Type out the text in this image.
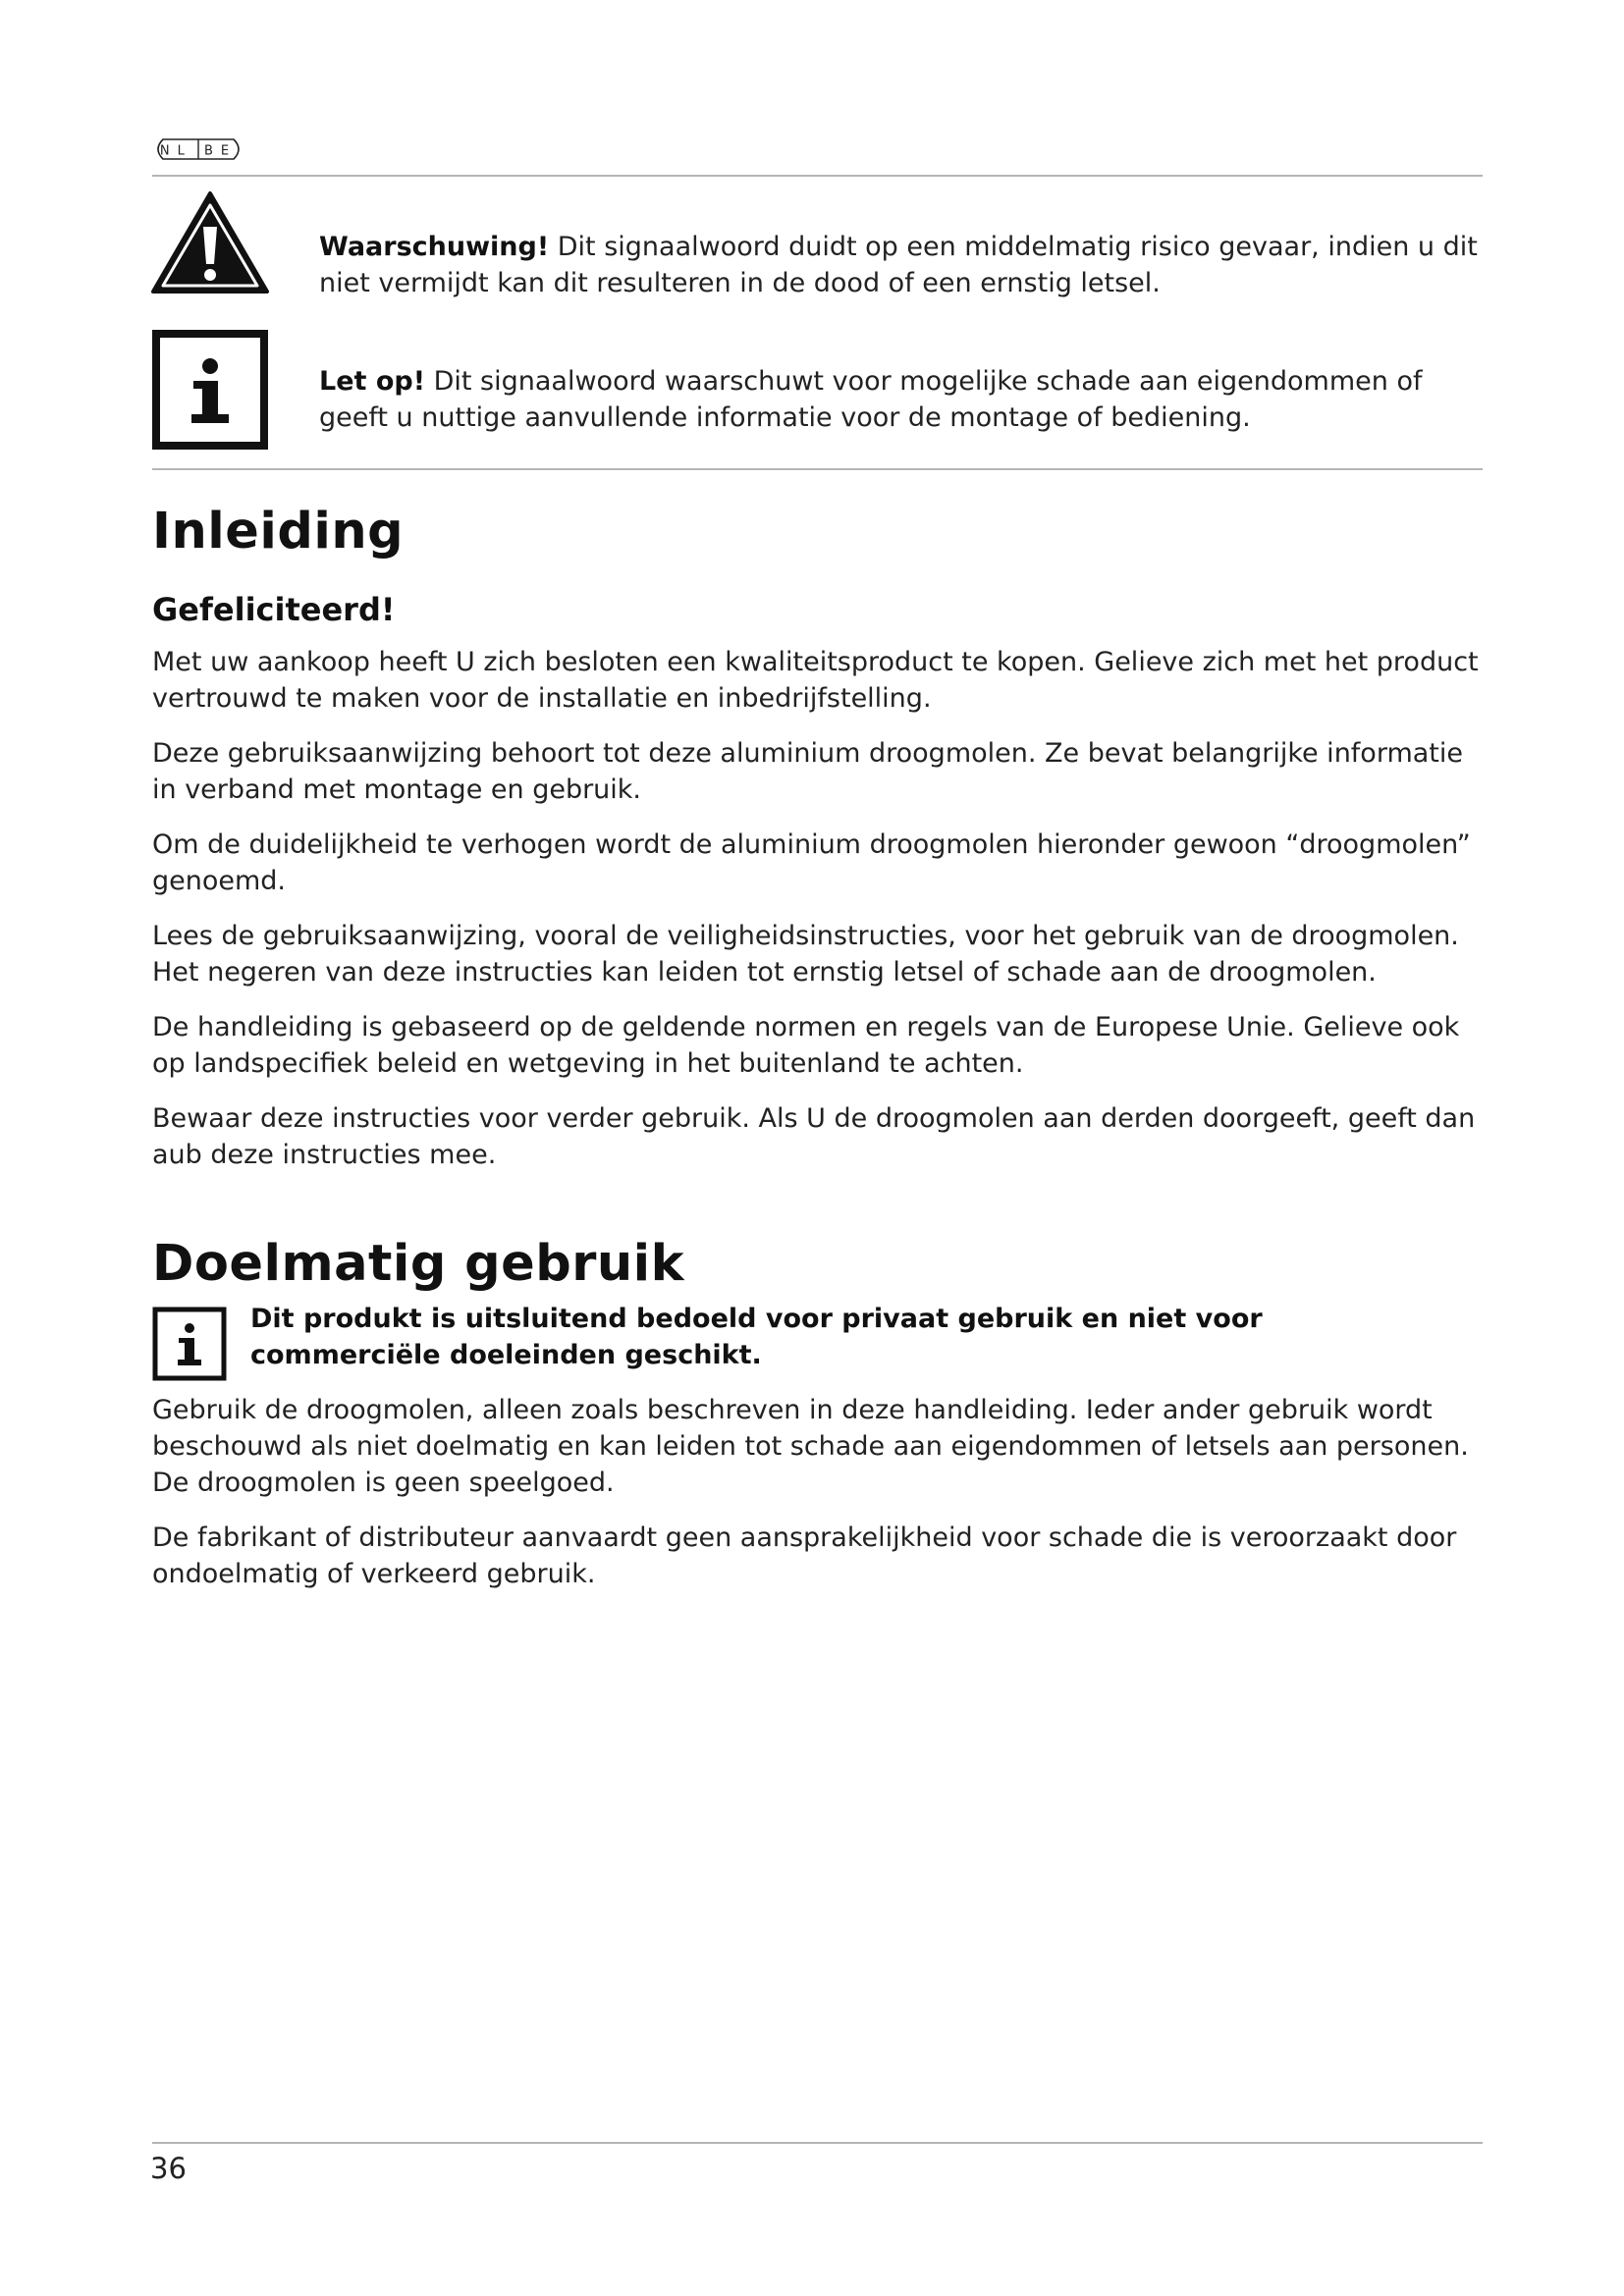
NL BE
Waarschuwing! Dit signaalwoord duidt op een middelmatig risico gevaar, indien u dit niet vermijdt kan dit resulteren in de dood of een ernstig letsel.
Let op! Dit signaalwoord waarschuwt voor mogelijke schade aan eigendommen of geeft u nuttige aanvullende informatie voor de montage of bediening.
Inleiding
Gefeliciteerd!

Met uw aankoop heeft U zich besloten een kwaliteitsproduct te kopen. Gelieve zich met het product vertrouwd te maken voor de installatie en inbedrijfstelling.

Deze gebruiksaanwijzing behoort tot deze aluminium droogmolen. Ze bevat belangrijke informatie in verband met montage en gebruik.

Om de duidelijkheid te verhogen wordt de aluminium droogmolen hieronder gewoon “droogmolen” genoemd.

Lees de gebruiksaanwijzing, vooral de veiligheidsinstructies, voor het gebruik van de droogmolen. Het negeren van deze instructies kan leiden tot ernstig letsel of schade aan de droogmolen.

De handleiding is gebaseerd op de geldende normen en regels van de Europese Unie. Gelieve ook op landspecifiek beleid en wetgeving in het buitenland te achten.

Bewaar deze instructies voor verder gebruik. Als U de droogmolen aan derden doorgeeft, geeft dan aub deze instructies mee.

Doelmatig gebruik
Dit produkt is uitsluitend bedoeld voor privaat gebruik en niet voor commerciële doeleinden geschikt.

Gebruik de droogmolen, alleen zoals beschreven in deze handleiding. Ieder ander gebruik wordt beschouwd als niet doelmatig en kan leiden tot schade aan eigendommen of letsels aan personen. De droogmolen is geen speelgoed.

De fabrikant of distributeur aanvaardt geen aansprakelijkheid voor schade die is veroorzaakt door ondoelmatig of verkeerd gebruik.

36
